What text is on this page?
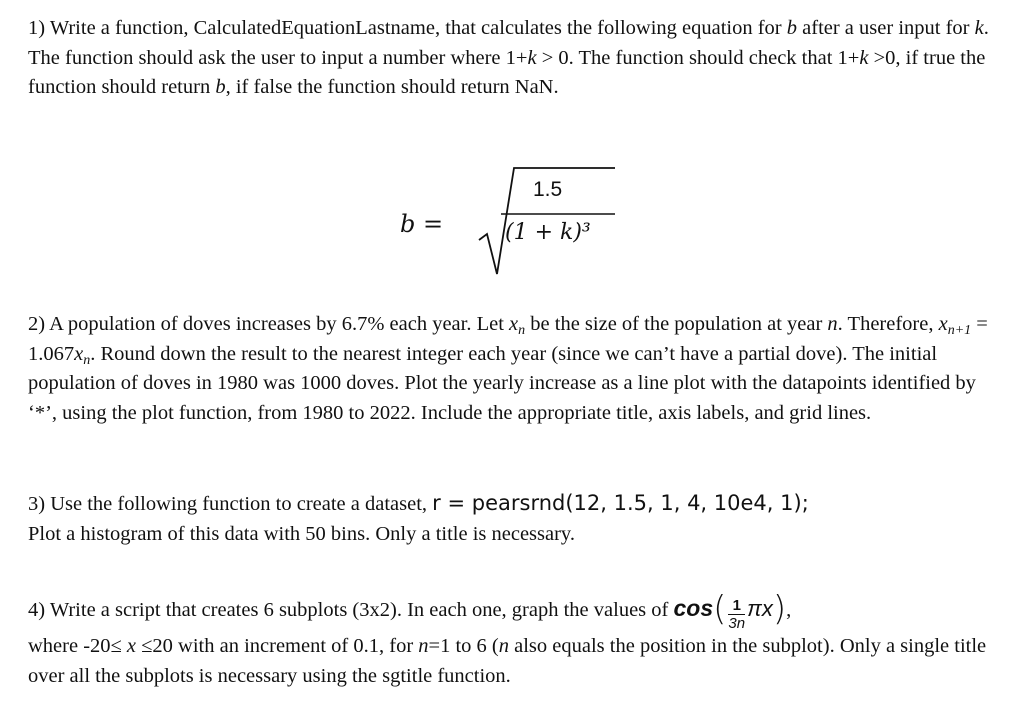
1) Write a function, CalculatedEquationLastname, that calculates the following equation for b after a user input for k. The function should ask the user to input a number where 1+k > 0. The function should check that 1+k >0, if true the function should return b, if false the function should return NaN.

b =
1.5
(1 + k)³

2) A population of doves increases by 6.7% each year. Let $x_n$ be the size of the population at year n. Therefore, $x_{n+1} = 1.067x_n$. Round down the result to the nearest integer each year (since we can’t have a partial dove). The initial population of doves in 1980 was 1000 doves. Plot the yearly increase as a line plot with the datapoints identified by ‘*’, using the plot function, from 1980 to 2022. Include the appropriate title, axis labels, and grid lines.

3) Use the following function to create a dataset, r = pearsrnd(12, 1.5, 1, 4, 10e4, 1);
Plot a histogram of this data with 50 bins. Only a title is necessary.

4) Write a script that creates 6 subplots (3x2). In each one, graph the values of $\cos( \frac{1}{3n} \pi x)$,
where -20≤ x ≤20 with an increment of 0.1, for n=1 to 6 (n also equals the position in the subplot). Only a single title over all the subplots is necessary using the sgtitle function.
